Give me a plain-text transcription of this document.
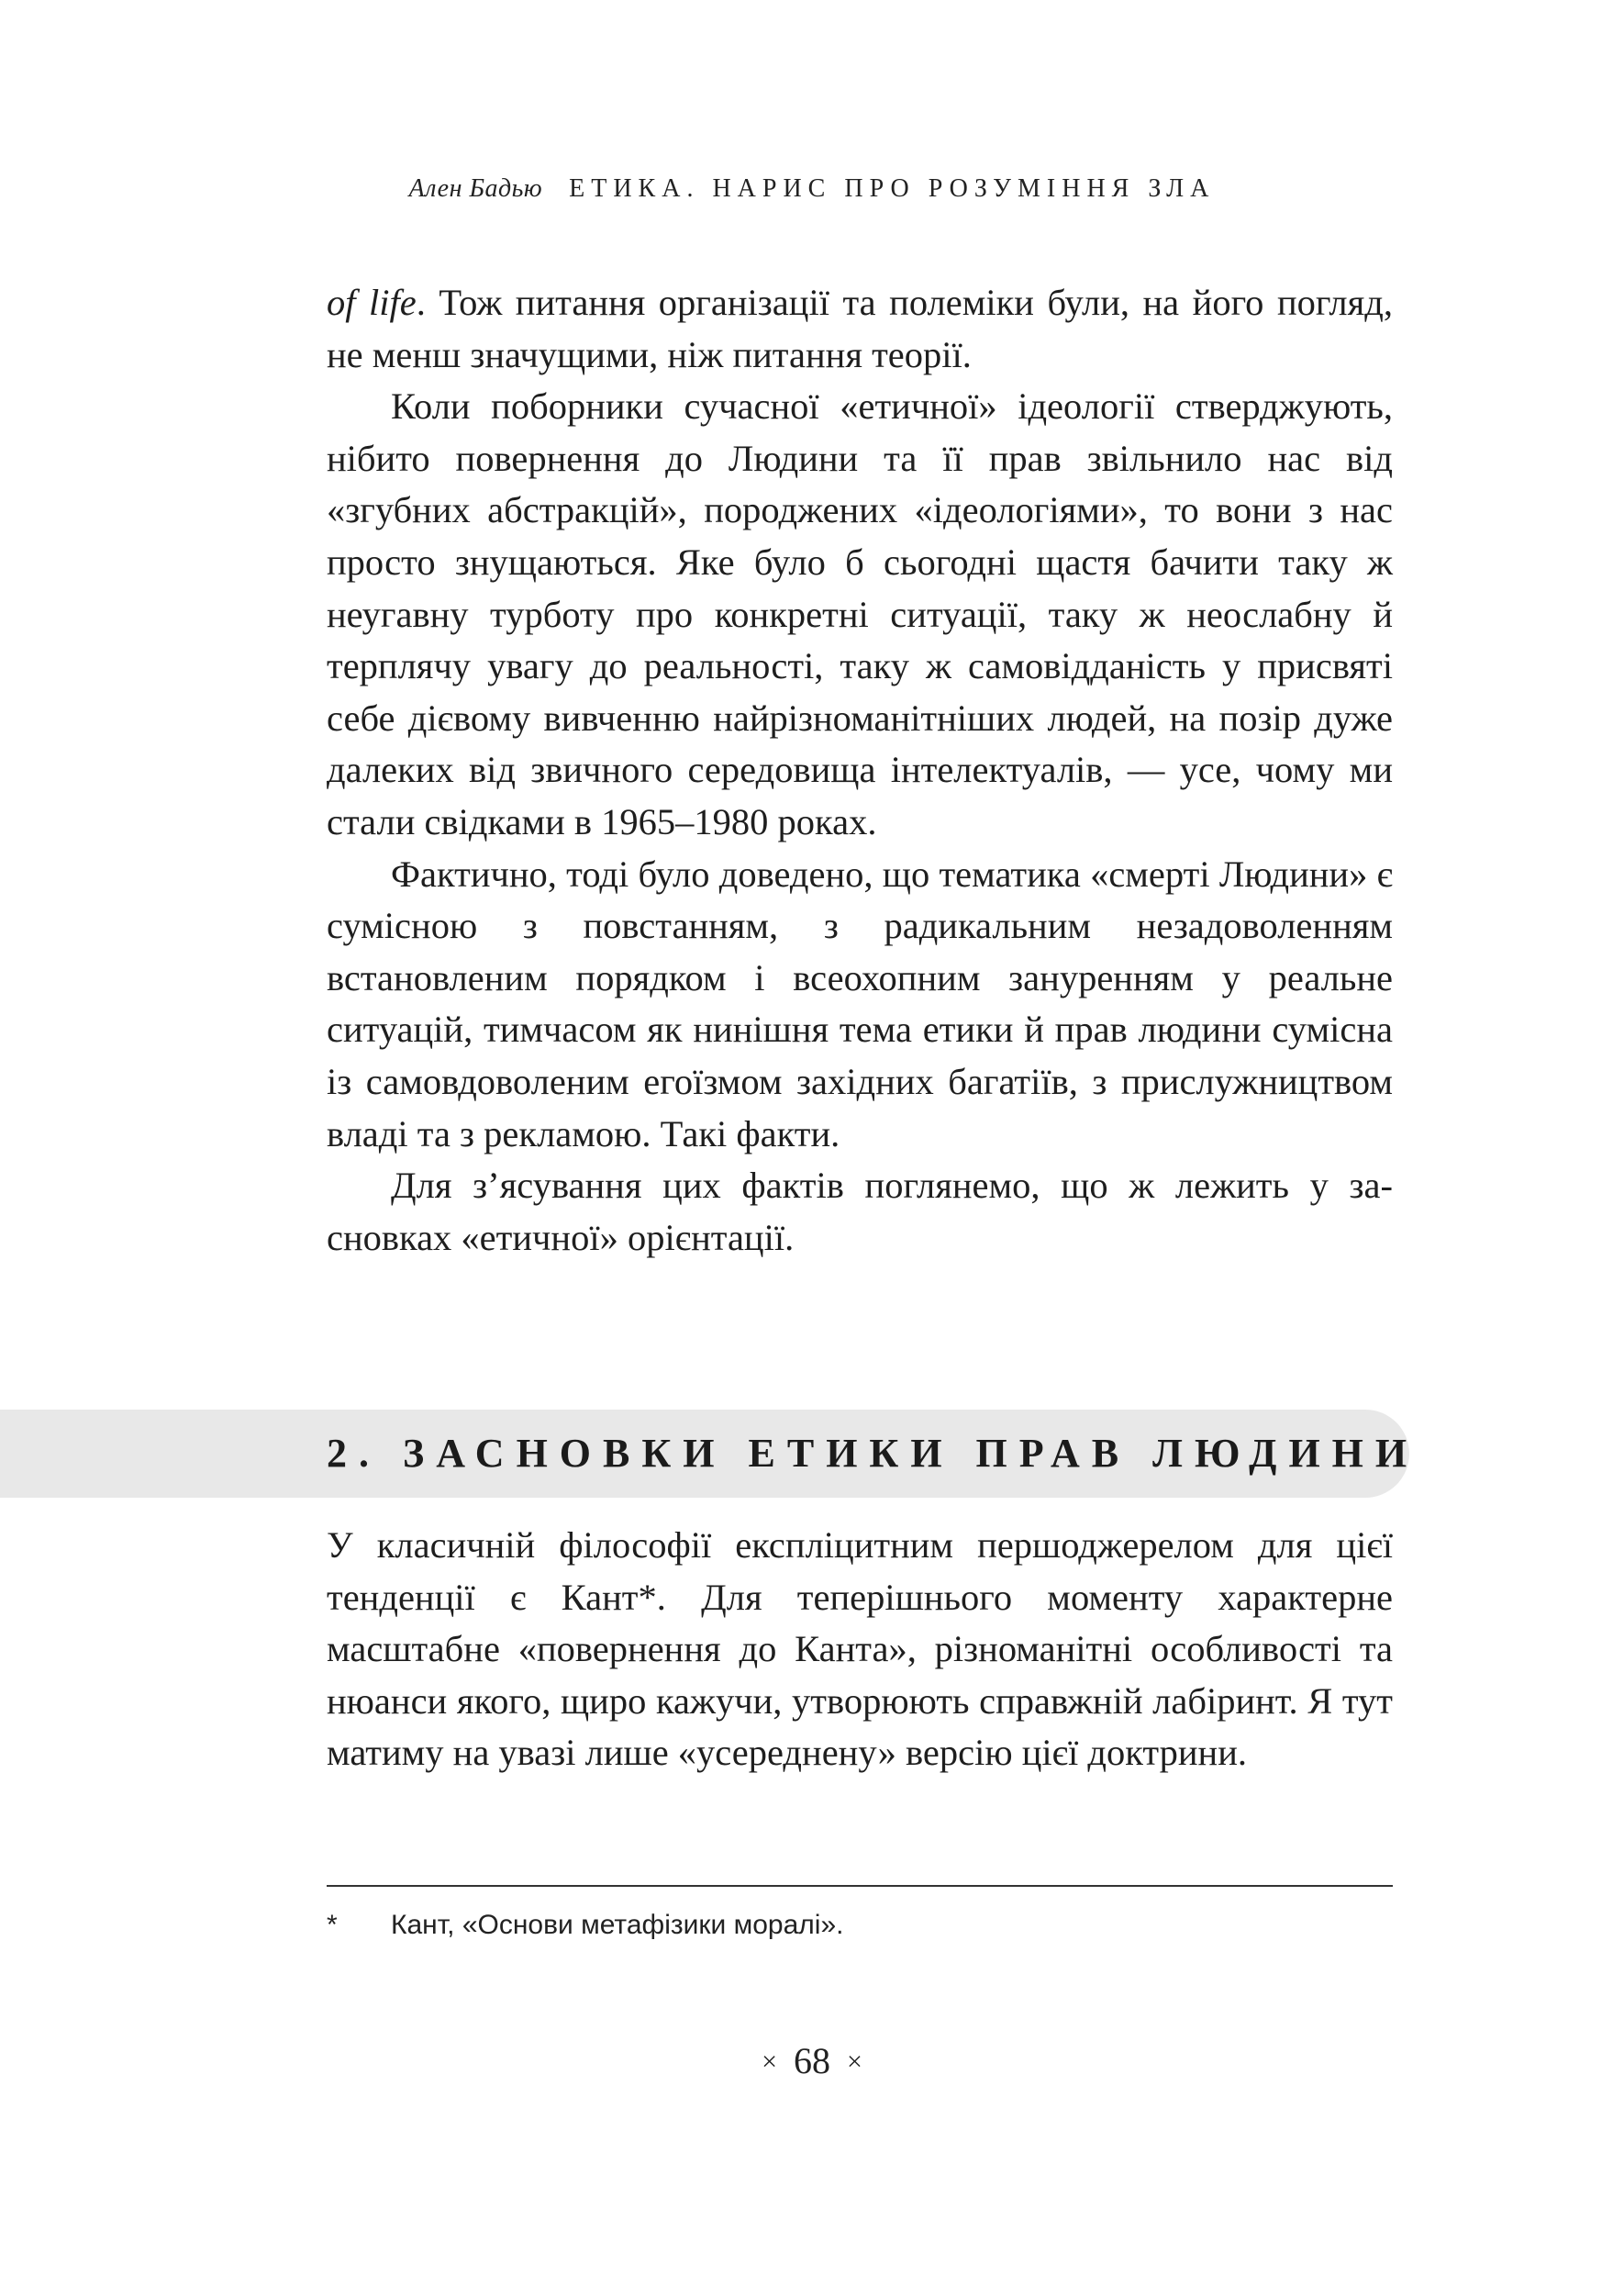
Ален Бадью ЕТИКА. НАРИС ПРО РОЗУМІННЯ ЗЛА

of life. Тож питання організації та полеміки були, на його погляд, не менш значущими, ніж питання теорії.

Коли поборники сучасної «етичної» ідеології стверджують, нібито повернення до Людини та її прав звільнило нас від «згубних абстракцій», породжених «ідеологіями», то вони з нас просто знущаються. Яке було б сьогодні щастя бачити таку ж неугавну турботу про конкретні ситуації, таку ж неослабну й терплячу увагу до реальності, таку ж самовідданість у присвяті себе дієвому вивченню найрізноманітніших людей, на позір дуже далеких від звичного середовища інтелектуалів, — усе, чому ми стали свідками в 1965–1980 роках.

Фактично, тоді було доведено, що тематика «смерті Людини» є сумісною з повстанням, з радикальним незадоволенням встановленим порядком і всеохопним зануренням у реальне ситуацій, тимчасом як нинішня тема етики й прав людини сумісна із самовдоволеним егоїзмом західних багатіїв, з прислужництвом владі та з рекламою. Такі факти.

Для з’ясування цих фактів поглянемо, що ж лежить у засновках «етичної» орієнтації.

2. ЗАСНОВКИ ЕТИКИ ПРАВ ЛЮДИНИ

У класичній філософії експліцитним першоджерелом для цієї тенденції є Кант*. Для теперішнього моменту характерне масштабне «повернення до Канта», різноманітні особливості та нюанси якого, щиро кажучи, утворюють справжній лабіринт. Я тут матиму на увазі лише «усереднену» версію цієї доктрини.

* Кант, «Основи метафізики моралі».
× 68 ×
